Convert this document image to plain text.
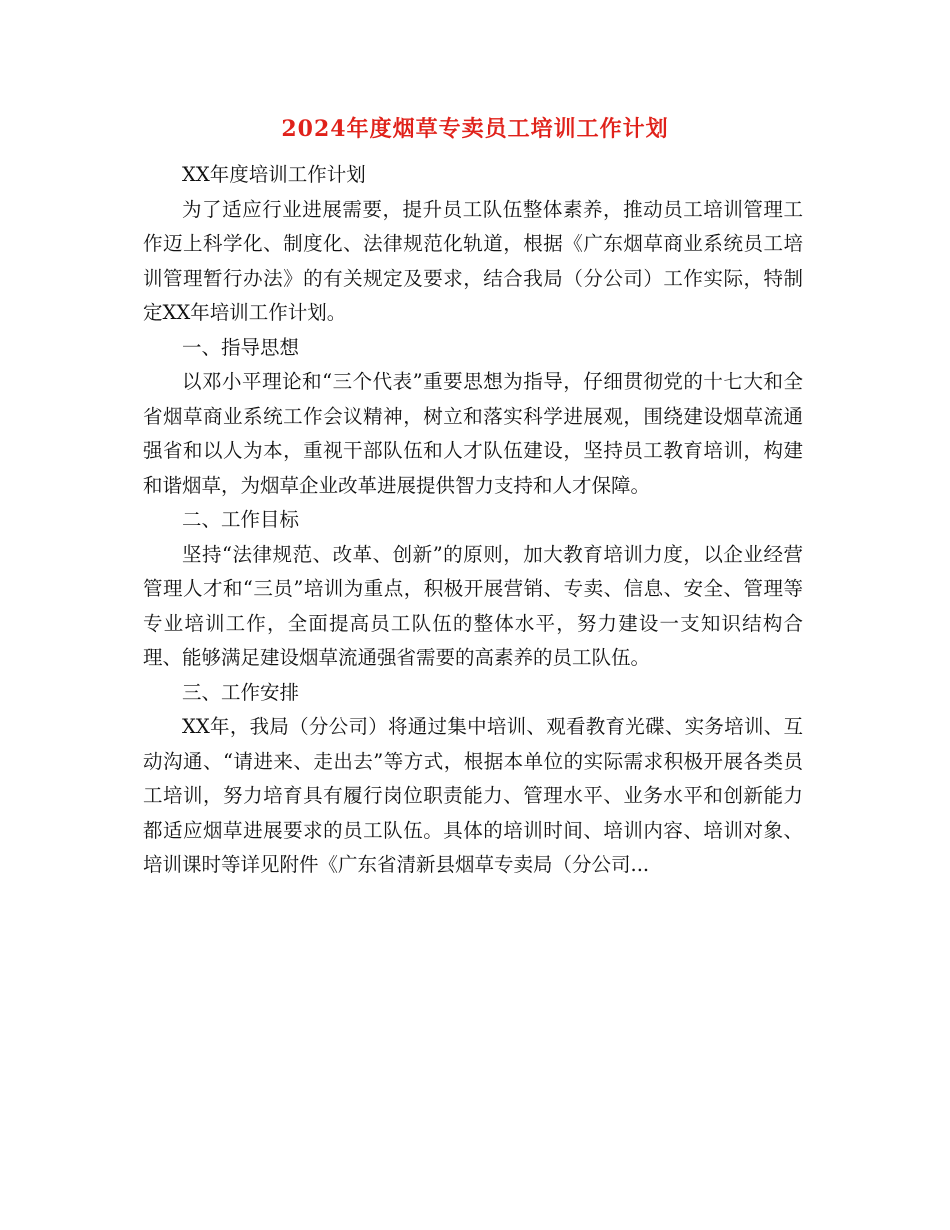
2024年度烟草专卖员工培训工作计划

XX年度培训工作计划

为了适应行业进展需要，提升员工队伍整体素养，推动员工培训管理工作迈上科学化、制度化、法律规范化轨道，根据《广东烟草商业系统员工培训管理暂行办法》的有关规定及要求，结合我局（分公司）工作实际，特制定XX年培训工作计划。

一、指导思想

以邓小平理论和“三个代表”重要思想为指导，仔细贯彻党的十七大和全省烟草商业系统工作会议精神，树立和落实科学进展观，围绕建设烟草流通强省和以人为本，重视干部队伍和人才队伍建设，坚持员工教育培训，构建和谐烟草，为烟草企业改革进展提供智力支持和人才保障。

二、工作目标

坚持“法律规范、改革、创新”的原则，加大教育培训力度，以企业经营管理人才和“三员”培训为重点，积极开展营销、专卖、信息、安全、管理等专业培训工作，全面提高员工队伍的整体水平，努力建设一支知识结构合理、能够满足建设烟草流通强省需要的高素养的员工队伍。

三、工作安排

XX年，我局（分公司）将通过集中培训、观看教育光碟、实务培训、互动沟通、“请进来、走出去”等方式，根据本单位的实际需求积极开展各类员工培训，努力培育具有履行岗位职责能力、管理水平、业务水平和创新能力都适应烟草进展要求的员工队伍。具体的培训时间、培训内容、培训对象、培训课时等详见附件《广东省清新县烟草专卖局（分公司...
